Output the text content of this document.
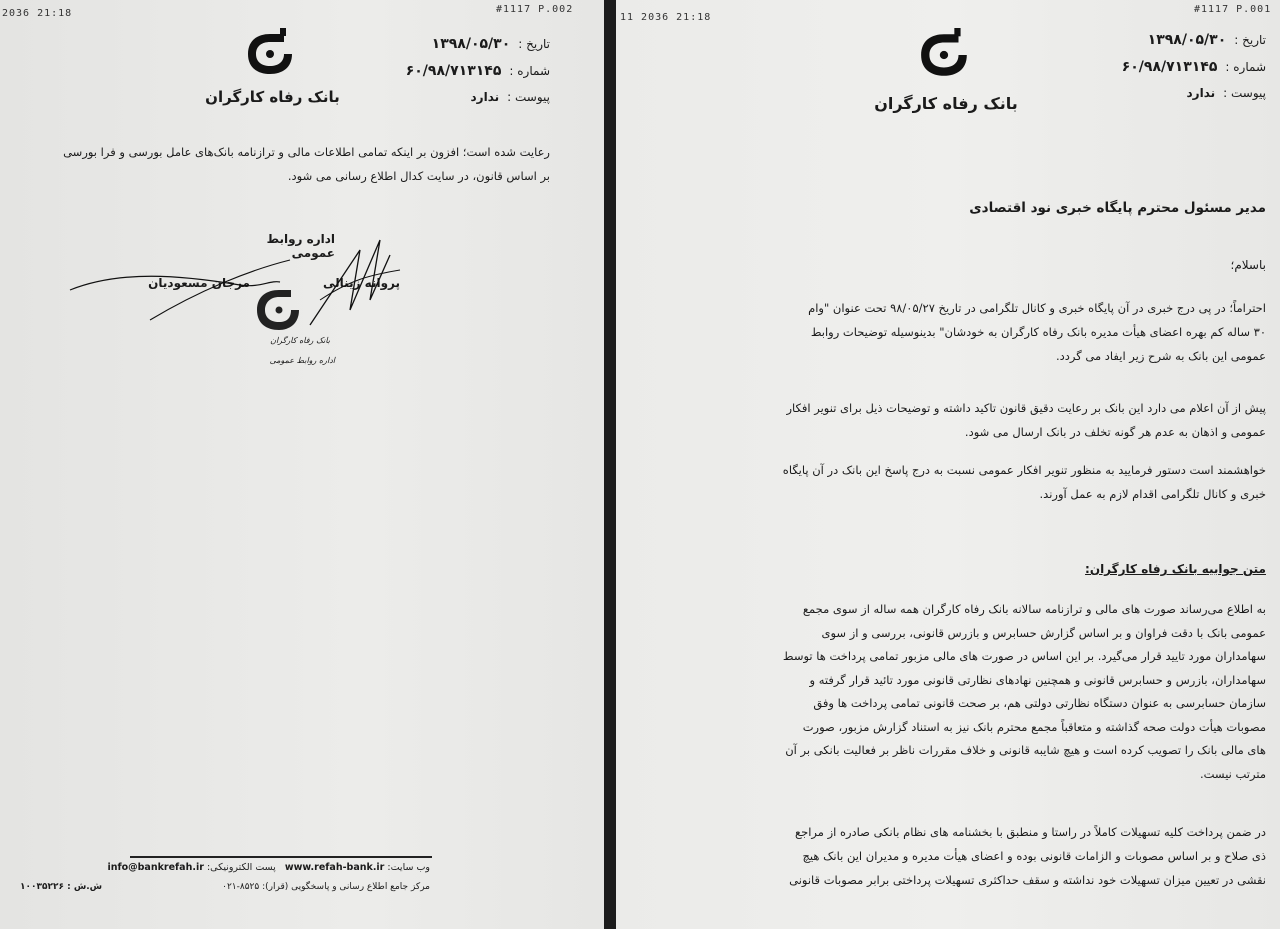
2036 21:18	#1117 P.002
بانک رفاه کارگران
تاریخ :۱۳۹۸/۰۵/۳۰
شماره :۶۰/۹۸/۷۱۳۱۴۵
پیوست :ندارد
رعایت شده است؛ افزون بر اینکه تمامی اطلاعات مالی و ترازنامه بانک‌های عامل بورسی و فرا بورسی
بر اساس قانون، در سایت کدال اطلاع رسانی می شود.
اداره روابط عمومی
پروانه زینالی
مرجان مسعودیان
بانک رفاه کارگران
اداره روابط عمومی
وب سایت: www.refah-bank.ir پست الکترونیکی: info@bankrefah.ir
مرکز جامع اطلاع رسانی و پاسخگویی (قرار): ۸۵۲۵-۰۲۱
ش.ش : ۱۰۰۳۵۲۲۶
11 2036 21:18
#1117 P.001
بانک رفاه کارگران
تاریخ :۱۳۹۸/۰۵/۳۰
شماره :۶۰/۹۸/۷۱۳۱۴۵
پیوست :ندارد
مدیر مسئول محترم پایگاه خبری نود اقتصادی
باسلام؛
احتراماً؛ در پی درج خبری در آن پایگاه خبری و کانال تلگرامی در تاریخ ۹۸/۰۵/۲۷ تحت عنوان "وام
۳۰ ساله کم بهره اعضای هیأت مدیره بانک رفاه کارگران به خودشان" بدینوسیله توضیحات روابط
عمومی این بانک به شرح زیر ایفاد می گردد.
پیش از آن اعلام می دارد این بانک بر رعایت دقیق قانون تاکید داشته و توضیحات ذیل برای تنویر افکار
عمومی و اذهان به عدم هر گونه تخلف در بانک ارسال می شود.
خواهشمند است دستور فرمایید به منظور تنویر افکار عمومی نسبت به درج پاسخ این بانک در آن پایگاه
خبری و کانال تلگرامی اقدام لازم به عمل آورند.
متن جوابیه بانک رفاه کارگران:
به اطلاع می‌رساند صورت های مالی و ترازنامه سالانه بانک رفاه کارگران همه ساله از سوی مجمع
عمومی بانک با دقت فراوان و بر اساس گزارش حسابرس و بازرس قانونی، بررسی و از سوی
سهامداران مورد تایید قرار می‌گیرد. بر این اساس در صورت های مالی مزبور تمامی پرداخت ها توسط
سهامداران، بازرس و حسابرس قانونی و همچنین نهادهای نظارتی قانونی مورد تائید قرار گرفته و
سازمان حسابرسی به عنوان دستگاه نظارتی دولتی هم، بر صحت قانونی تمامی پرداخت ها وفق
مصوبات هیأت دولت صحه گذاشته و متعاقباً مجمع محترم بانک نیز به استناد گزارش مزبور، صورت
های مالی بانک را تصویب کرده است و هیچ شایبه قانونی و خلاف مقررات ناظر بر فعالیت بانکی بر آن
مترتب نیست.
در ضمن پرداخت کلیه تسهیلات کاملاً در راستا و منطبق با بخشنامه های نظام بانکی صادره از مراجع
ذی صلاح و بر اساس مصوبات و الزامات قانونی بوده و اعضای هیأت مدیره و مدیران این بانک هیچ
نقشی در تعیین میزان تسهیلات خود نداشته و سقف حداکثری تسهیلات پرداختی برابر مصوبات قانونی
